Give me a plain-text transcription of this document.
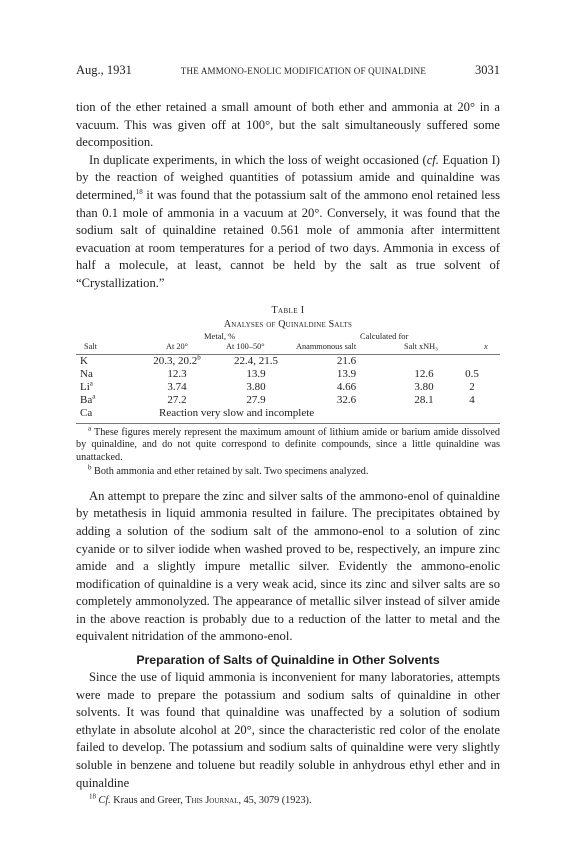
Aug., 1931	THE AMMONO-ENOLIC MODIFICATION OF QUINALDINE	3031

tion of the ether retained a small amount of both ether and ammonia at 20° in a vacuum. This was given off at 100°, but the salt simultaneously suffered some decomposition.

In duplicate experiments, in which the loss of weight occasioned (cf. Equation I) by the reaction of weighed quantities of potassium amide and quinaldine was determined,$^{18}$ it was found that the potassium salt of the ammono enol retained less than 0.1 mole of ammonia in a vacuum at 20°. Conversely, it was found that the sodium salt of quinaldine retained 0.561 mole of ammonia after intermittent evacuation at room temperatures for a period of two days. Ammonia in excess of half a molecule, at least, cannot be held by the salt as true solvent of “Crystallization.”

Table I
Analyses of Quinaldine Salts
Metal, %	Calculated for
Salt	At 20°	At 100–50°	Anammonous salt	Salt xNH₃	x
K	20.3, 20.2$^b$	22.4, 21.5	21.6		
Na	12.3	13.9	13.9	12.6	0.5
Li$^a$	3.74	3.80	4.66	3.80	2
Ba$^a$	27.2	27.9	32.6	28.1	4
Ca	Reaction very slow and incomplete				

$^a$ These figures merely represent the maximum amount of lithium amide or barium amide dissolved by quinaldine, and do not quite correspond to definite compounds, since a little quinaldine was unattacked.

$^b$ Both ammonia and ether retained by salt. Two specimens analyzed.

An attempt to prepare the zinc and silver salts of the ammono-enol of quinaldine by metathesis in liquid ammonia resulted in failure. The precipitates obtained by adding a solution of the sodium salt of the ammono-enol to a solution of zinc cyanide or to silver iodide when washed proved to be, respectively, an impure zinc amide and a slightly impure metallic silver. Evidently the ammono-enolic modification of quinaldine is a very weak acid, since its zinc and silver salts are so completely ammonolyzed. The appearance of metallic silver instead of silver amide in the above reaction is probably due to a reduction of the latter to metal and the equivalent nitridation of the ammono-enol.

Preparation of Salts of Quinaldine in Other Solvents

Since the use of liquid ammonia is inconvenient for many laboratories, attempts were made to prepare the potassium and sodium salts of quinaldine in other solvents. It was found that quinaldine was unaffected by a solution of sodium ethylate in absolute alcohol at 20°, since the characteristic red color of the enolate failed to develop. The potassium and sodium salts of quinaldine were very slightly soluble in benzene and toluene but readily soluble in anhydrous ethyl ether and in quinaldine

$^{18}$ Cf. Kraus and Greer, This Journal, 45, 3079 (1923).
